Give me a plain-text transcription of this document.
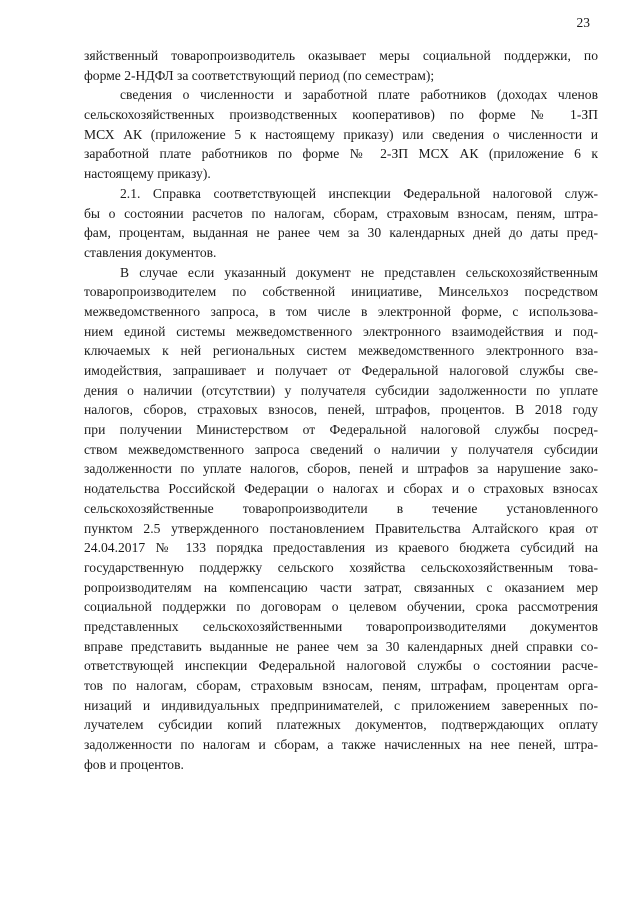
23
зяйственный товаропроизводитель оказывает меры социальной поддержки, по
форме 2-НДФЛ за соответствующий период (по семестрам);
сведения о численности и заработной плате работников (доходах членов
сельскохозяйственных производственных кооперативов) по форме № 1-ЗП
МСХ АК (приложение 5 к настоящему приказу) или сведения о численности и
заработной плате работников по форме № 2-ЗП МСХ АК (приложение 6 к
настоящему приказу).
2.1. Справка соответствующей инспекции Федеральной налоговой служ-
бы о состоянии расчетов по налогам, сборам, страховым взносам, пеням, штра-
фам, процентам, выданная не ранее чем за 30 календарных дней до даты пред-
ставления документов.
В случае если указанный документ не представлен сельскохозяйственным
товаропроизводителем по собственной инициативе, Минсельхоз посредством
межведомственного запроса, в том числе в электронной форме, с использова-
нием единой системы межведомственного электронного взаимодействия и под-
ключаемых к ней региональных систем межведомственного электронного вза-
имодействия, запрашивает и получает от Федеральной налоговой службы све-
дения о наличии (отсутствии) у получателя субсидии задолженности по уплате
налогов, сборов, страховых взносов, пеней, штрафов, процентов. В 2018 году
при получении Министерством от Федеральной налоговой службы посред-
ством межведомственного запроса сведений о наличии у получателя субсидии
задолженности по уплате налогов, сборов, пеней и штрафов за нарушение зако-
нодательства Российской Федерации о налогах и сборах и о страховых взносах
сельскохозяйственные товаропроизводители в течение установленного
пунктом 2.5 утвержденного постановлением Правительства Алтайского края от
24.04.2017 № 133 порядка предоставления из краевого бюджета субсидий на
государственную поддержку сельского хозяйства сельскохозяйственным това-
ропроизводителям на компенсацию части затрат, связанных с оказанием мер
социальной поддержки по договорам о целевом обучении, срока рассмотрения
представленных сельскохозяйственными товаропроизводителями документов
вправе представить выданные не ранее чем за 30 календарных дней справки со-
ответствующей инспекции Федеральной налоговой службы о состоянии расче-
тов по налогам, сборам, страховым взносам, пеням, штрафам, процентам орга-
низаций и индивидуальных предпринимателей, с приложением заверенных по-
лучателем субсидии копий платежных документов, подтверждающих оплату
задолженности по налогам и сборам, а также начисленных на нее пеней, штра-
фов и процентов.
